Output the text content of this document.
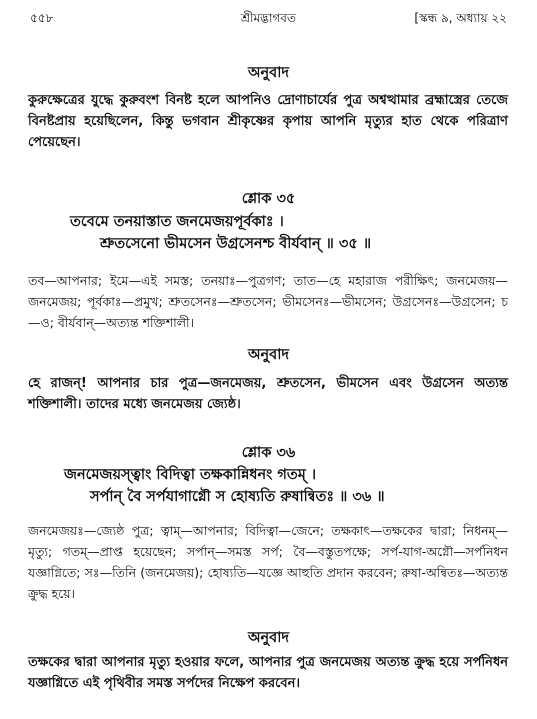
৫৫৮	শ্রীমদ্ভাগবত	[স্কন্ধ ৯, অধ্যায় ২২
অনুবাদ
কুরুক্ষেত্রের যুদ্ধে কুরুবংশ বিনষ্ট হলে আপনিও দ্রোণাচার্যের পুত্র অশ্বত্থামার ব্রহ্মাস্ত্রের তেজে বিনষ্টপ্রায় হয়েছিলেন, কিন্তু ভগবান শ্রীকৃষ্ণের কৃপায় আপনি মৃত্যুর হাত থেকে পরিত্রাণ পেয়েছেন।
শ্লোক ৩৫
তবেমে তনয়াস্তাত জনমেজয়পূর্বকাঃ ।
শ্রুতসেনো ভীমসেন উগ্রসেনশ্চ বীর্যবান্‌ ॥ ৩৫ ॥
তব—আপনার; ইমে—এই সমস্ত; তনয়াঃ—পুত্রগণ; তাত—হে মহারাজ পরীক্ষিৎ; জনমেজয়—জনমেজয়; পূর্বকাঃ—প্রমুখ; শ্রুতসেনঃ—শ্রুতসেন; ভীমসেনঃ—ভীমসেন; উগ্রসেনঃ—উগ্রসেন; চ—ও; বীর্যবান্‌—অত্যন্ত শক্তিশালী।
অনুবাদ
হে রাজন্‌! আপনার চার পুত্র—জনমেজয়, শ্রুতসেন, ভীমসেন এবং উগ্রসেন অত্যন্ত শক্তিশালী। তাদের মধ্যে জনমেজয় জ্যেষ্ঠ।
শ্লোক ৩৬
জনমেজয়স্ত্বাং বিদিত্বা তক্ষকান্নিধনং গতম্‌ ।
সর্পান্‌ বৈ সর্পযাগাগ্নৌ স হোষ্যতি রুষান্বিতঃ ॥ ৩৬ ॥
জনমেজয়ঃ—জ্যেষ্ঠ পুত্র; ত্বাম্‌—আপনার; বিদিত্বা—জেনে; তক্ষকাৎ—তক্ষকের দ্বারা; নিধনম্‌—মৃত্যু; গতম্‌—প্রাপ্ত হয়েছেন; সর্পান্‌—সমস্ত সর্প; বৈ—বস্তুতপক্ষে; সর্প-যাগ-অগ্নৌ—সর্পনিধন যজ্ঞাগ্নিতে; সঃ—তিনি (জনমেজয়); হোষ্যতি—যজ্ঞে আহুতি প্রদান করবেন; রুষা-অন্বিতঃ—অত্যন্ত ক্রুদ্ধ হয়ে।
অনুবাদ
তক্ষকের দ্বারা আপনার মৃত্যু হওয়ার ফলে, আপনার পুত্র জনমেজয় অত্যন্ত ক্রুদ্ধ হয়ে সর্পনিধন যজ্ঞাগ্নিতে এই পৃথিবীর সমস্ত সর্পদের নিক্ষেপ করবেন।
